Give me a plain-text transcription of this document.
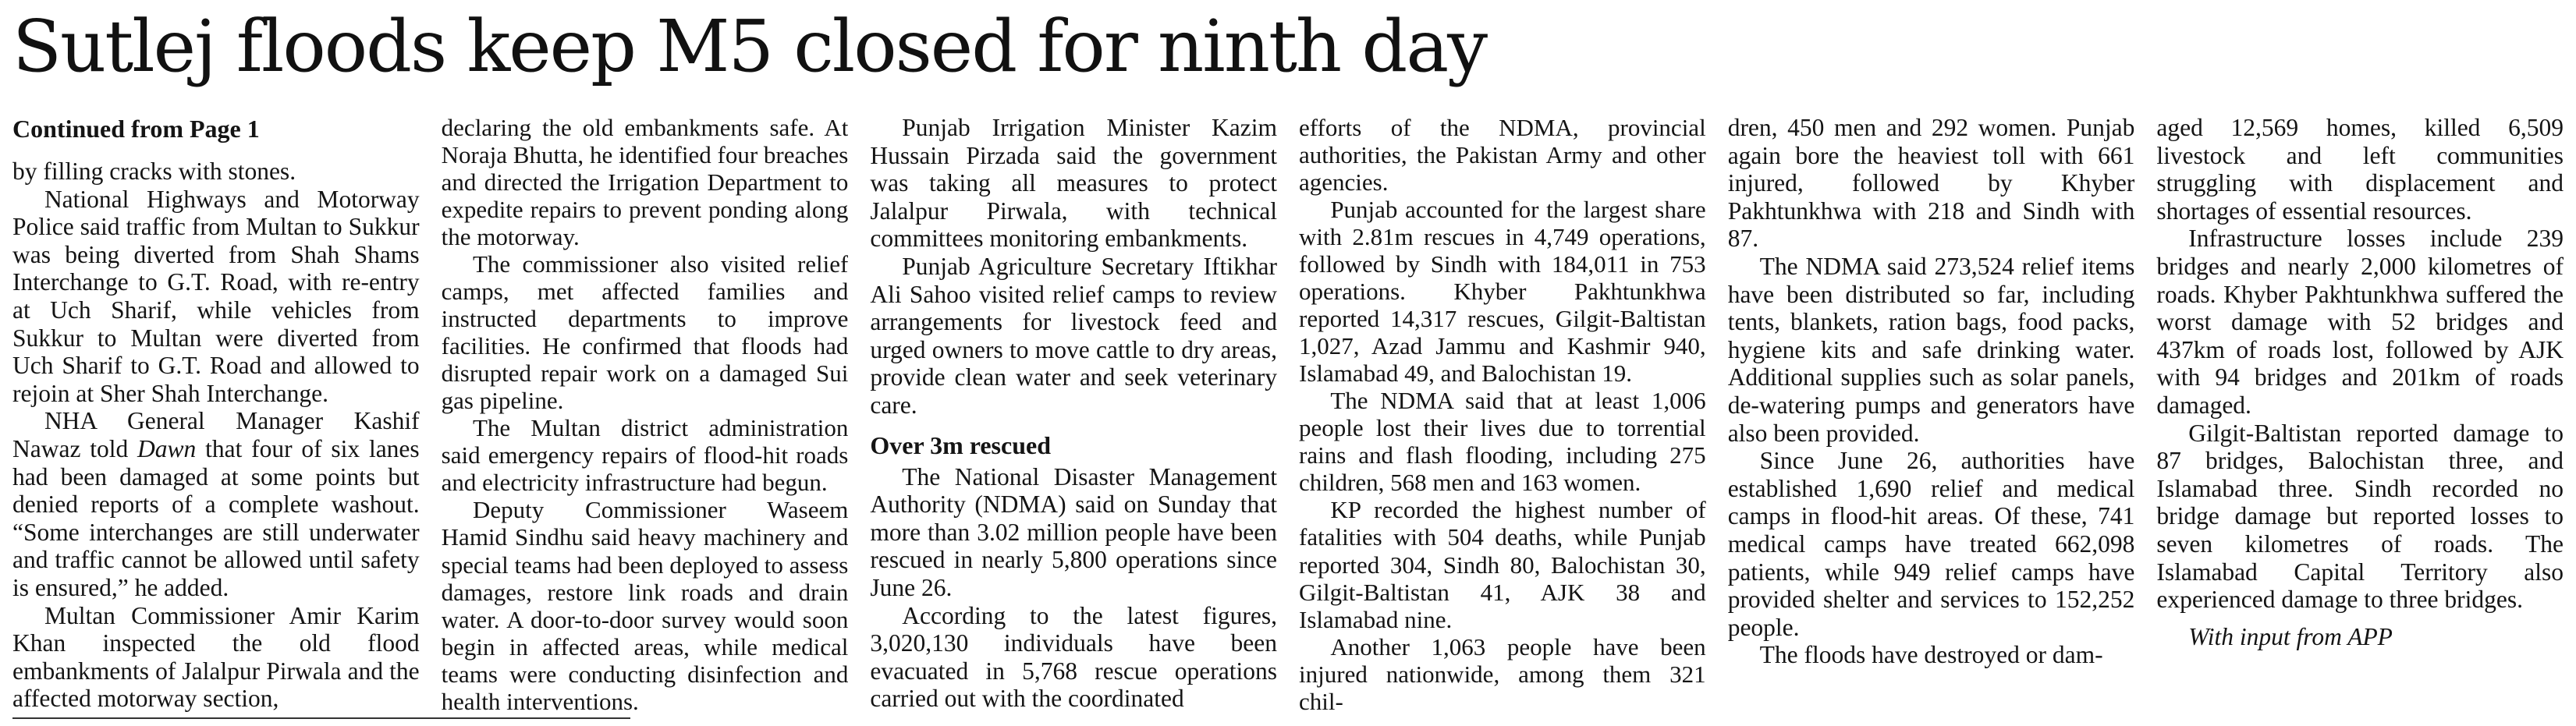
Sutlej floods keep M5 closed for ninth day
Continued from Page 1

by filling cracks with stones.

National Highways and Motorway Police said traffic from Multan to Sukkur was being diverted from Shah Shams Interchange to G.T. Road, with re-entry at Uch Sharif, while vehicles from Sukkur to Multan were diverted from Uch Sharif to G.T. Road and allowed to rejoin at Sher Shah Interchange.

NHA General Manager Kashif Nawaz told Dawn that four of six lanes had been damaged at some points but denied reports of a complete washout. “Some interchanges are still underwater and traffic cannot be allowed until safety is ensured,” he added.

Multan Commissioner Amir Karim Khan inspected the old flood embankments of Jalalpur Pirwala and the affected motorway section,

declaring the old embankments safe. At Noraja Bhutta, he identified four breaches and directed the Irrigation Department to expedite repairs to prevent ponding along the motorway.

The commissioner also visited relief camps, met affected families and instructed departments to improve facilities. He confirmed that floods had disrupted repair work on a damaged Sui gas pipeline.

The Multan district administration said emergency repairs of flood-hit roads and electricity infrastructure had begun.

Deputy Commissioner Waseem Hamid Sindhu said heavy machinery and special teams had been deployed to assess damages, restore link roads and drain water. A door-to-door survey would soon begin in affected areas, while medical teams were conducting disinfection and health interventions.

Punjab Irrigation Minister Kazim Hussain Pirzada said the government was taking all measures to protect Jalalpur Pirwala, with technical committees monitoring embankments.

Punjab Agriculture Secretary Iftikhar Ali Sahoo visited relief camps to review arrangements for livestock feed and urged owners to move cattle to dry areas, provide clean water and seek veterinary care.

Over 3m rescued

The National Disaster Management Authority (NDMA) said on Sunday that more than 3.02 million people have been rescued in nearly 5,800 operations since June 26.

According to the latest figures, 3,020,130 individuals have been evacuated in 5,768 rescue operations carried out with the coordinated

efforts of the NDMA, provincial authorities, the Pakistan Army and other agencies.

Punjab accounted for the largest share with 2.81m rescues in 4,749 operations, followed by Sindh with 184,011 in 753 operations. Khyber Pakhtunkhwa reported 14,317 rescues, Gilgit-Baltistan 1,027, Azad Jammu and Kashmir 940, Islamabad 49, and Balochistan 19.

The NDMA said that at least 1,006 people lost their lives due to torrential rains and flash flooding, including 275 children, 568 men and 163 women.

KP recorded the highest number of fatalities with 504 deaths, while Punjab reported 304, Sindh 80, Balochistan 30, Gilgit-Baltistan 41, AJK 38 and Islamabad nine.

Another 1,063 people have been injured nationwide, among them 321 chil-

dren, 450 men and 292 women. Punjab again bore the heaviest toll with 661 injured, followed by Khyber Pakhtunkhwa with 218 and Sindh with 87.

The NDMA said 273,524 relief items have been distributed so far, including tents, blankets, ration bags, food packs, hygiene kits and safe drinking water. Additional supplies such as solar panels, de-watering pumps and generators have also been provided.

Since June 26, authorities have established 1,690 relief and medical camps in flood-hit areas. Of these, 741 medical camps have treated 662,098 patients, while 949 relief camps have provided shelter and services to 152,252 people.

The floods have destroyed or dam-

aged 12,569 homes, killed 6,509 livestock and left communities struggling with displacement and shortages of essential resources.

Infrastructure losses include 239 bridges and nearly 2,000 kilometres of roads. Khyber Pakhtunkhwa suffered the worst damage with 52 bridges and 437km of roads lost, followed by AJK with 94 bridges and 201km of roads damaged.

Gilgit-Baltistan reported damage to 87 bridges, Balochistan three, and Islamabad three. Sindh recorded no bridge damage but reported losses to seven kilometres of roads. The Islamabad Capital Territory also experienced damage to three bridges.

With input from APP
